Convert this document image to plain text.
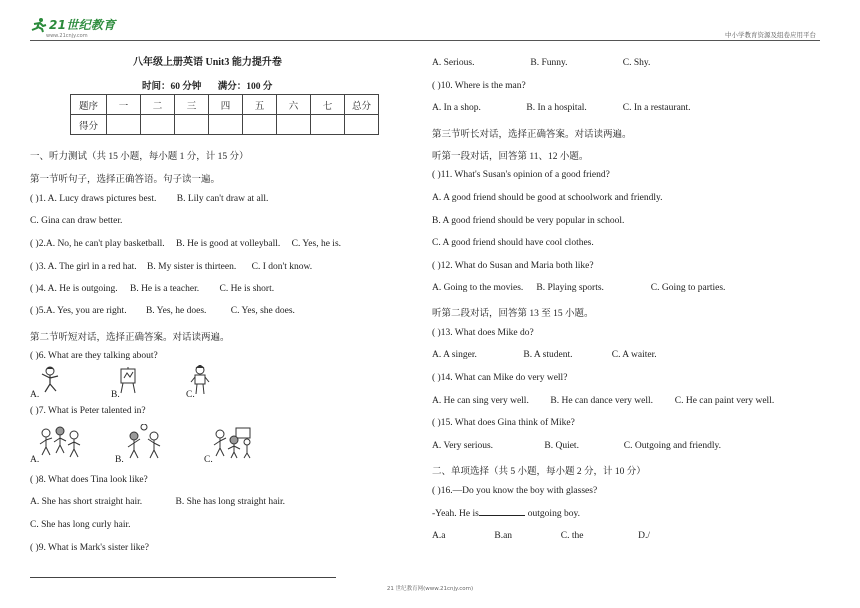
21世纪教育
www.21cnjy.com	中小学教育资源及组卷应用平台
八年级上册英语 Unit3 能力提升卷
时间：60 分钟 满分：100 分
题序	一	二	三	四	五	六	七	总分
得分								
一、听力测试（共 15 小题，每小题 1 分，计 15 分）
第一节听句子，选择正确答语。句子读一遍。
( )1. A. Lucy draws pictures best. B. Lily can't draw at all.
C. Gina can draw better.
( )2.A. No, he can't play basketball. B. He is good at volleyball. C. Yes, he is.
( )3. A. The girl in a red hat. B. My sister is thirteen. C. I don't know.
( )4. A. He is outgoing. B. He is a teacher. C. He is short.
( )5.A. Yes, you are right. B. Yes, he does.	C. Yes, she does.
第二节听短对话，选择正确答案。对话读两遍。
( )6. What are they talking about?
A.	B.	C.
( )7. What is Peter talented in?
A.	B.	C.
( )8. What does Tina look like?
A. She has short straight hair.	B. She has long straight hair.
C. She has long curly hair.
( )9. What is Mark's sister like?
A. Serious.	B. Funny.	C. Shy.
( )10. Where is the man?
A. In a shop.	B. In a hospital.	C. In a restaurant.
第三节听长对话，选择正确答案。对话读两遍。
听第一段对话，回答第 11、12 小题。
( )11. What's Susan's opinion of a good friend?
A. A good friend should be good at schoolwork and friendly.
B. A good friend should be very popular in school.
C. A good friend should have cool clothes.
( )12. What do Susan and Maria both like?
A. Going to the movies. B. Playing sports.	C. Going to parties.
听第二段对话，回答第 13 至 15 小题。
( )13. What does Mike do?
A. A singer.	B. A student.	C. A waiter.
( )14. What can Mike do very well?
A. He can sing very well. B. He can dance very well. C. He can paint very well.
( )15. What does Gina think of Mike?
A. Very serious.	B. Quiet.	C. Outgoing and friendly.
二、单项选择（共 5 小题，每小题 2 分，计 10 分）
( )16.—Do you know the boy with glasses?
-Yeah. He is	outgoing boy.
A.a	B.an	C. the	D./
21 世纪教育网(www.21cnjy.com)
